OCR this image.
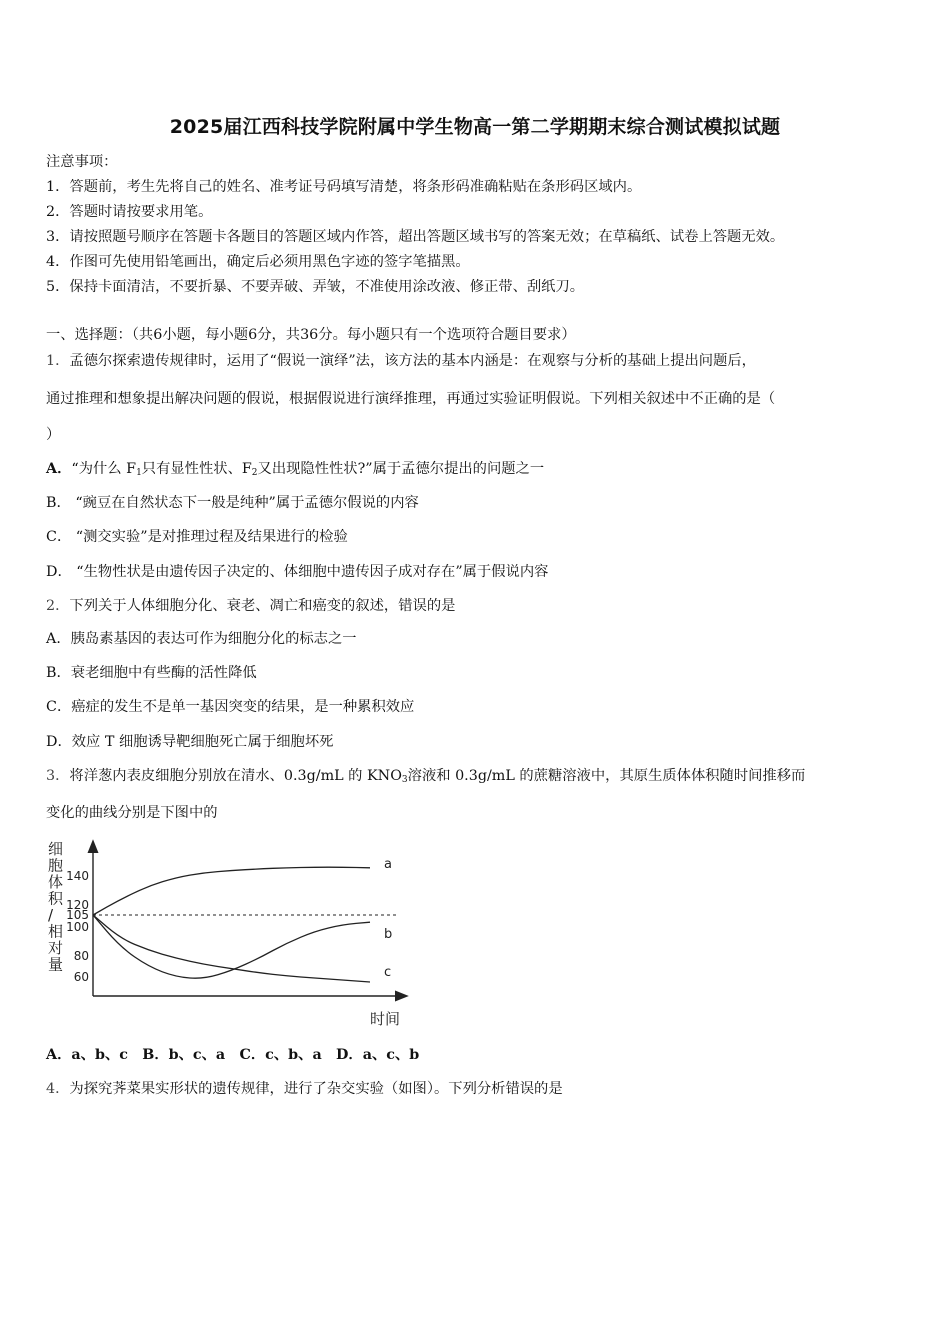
2025届江西科技学院附属中学生物高一第二学期期末综合测试模拟试题
注意事项：
1．答题前，考生先将自己的姓名、准考证号码填写清楚，将条形码准确粘贴在条形码区域内。
2．答题时请按要求用笔。
3．请按照题号顺序在答题卡各题目的答题区域内作答，超出答题区域书写的答案无效；在草稿纸、试卷上答题无效。
4．作图可先使用铅笔画出，确定后必须用黑色字迹的签字笔描黑。
5．保持卡面清洁，不要折暴、不要弄破、弄皱，不准使用涂改液、修正带、刮纸刀。
一、选择题：（共6小题，每小题6分，共36分。每小题只有一个选项符合题目要求）
1．孟德尔探索遗传规律时，运用了“假说一演绎”法，该方法的基本内涵是：在观察与分析的基础上提出问题后，
通过推理和想象提出解决问题的假说，根据假说进行演绎推理，再通过实验证明假说。下列相关叙述中不正确的是（
）
A．“为什么 $F_1$只有显性性状、$F_2$又出现隐性性状?”属于孟德尔提出的问题之一
B． “豌豆在自然状态下一般是纯种”属于孟德尔假说的内容
C． “测交实验”是对推理过程及结果进行的检验
D． “生物性状是由遗传因子决定的、体细胞中遗传因子成对存在”属于假说内容
2．下列关于人体细胞分化、衰老、凋亡和癌变的叙述，错误的是
A．胰岛素基因的表达可作为细胞分化的标志之一
B．衰老细胞中有些酶的活性降低
C．癌症的发生不是单一基因突变的结果，是一种累积效应
D．效应 T 细胞诱导靶细胞死亡属于细胞坏死
3．将洋葱内表皮细胞分别放在清水、0.3g/mL 的 $KNO_3$溶液和 0.3g/mL 的蔗糖溶液中，其原生质体体积随时间推移而
变化的曲线分别是下图中的
140
120
105
100
80
60
a
b
c
细胞体积/相对量
时间
A．a、b、c　B．b、c、a　C．c、b、a　D．a、c、b
4．为探究荠菜果实形状的遗传规律，进行了杂交实验（如图）。下列分析错误的是
